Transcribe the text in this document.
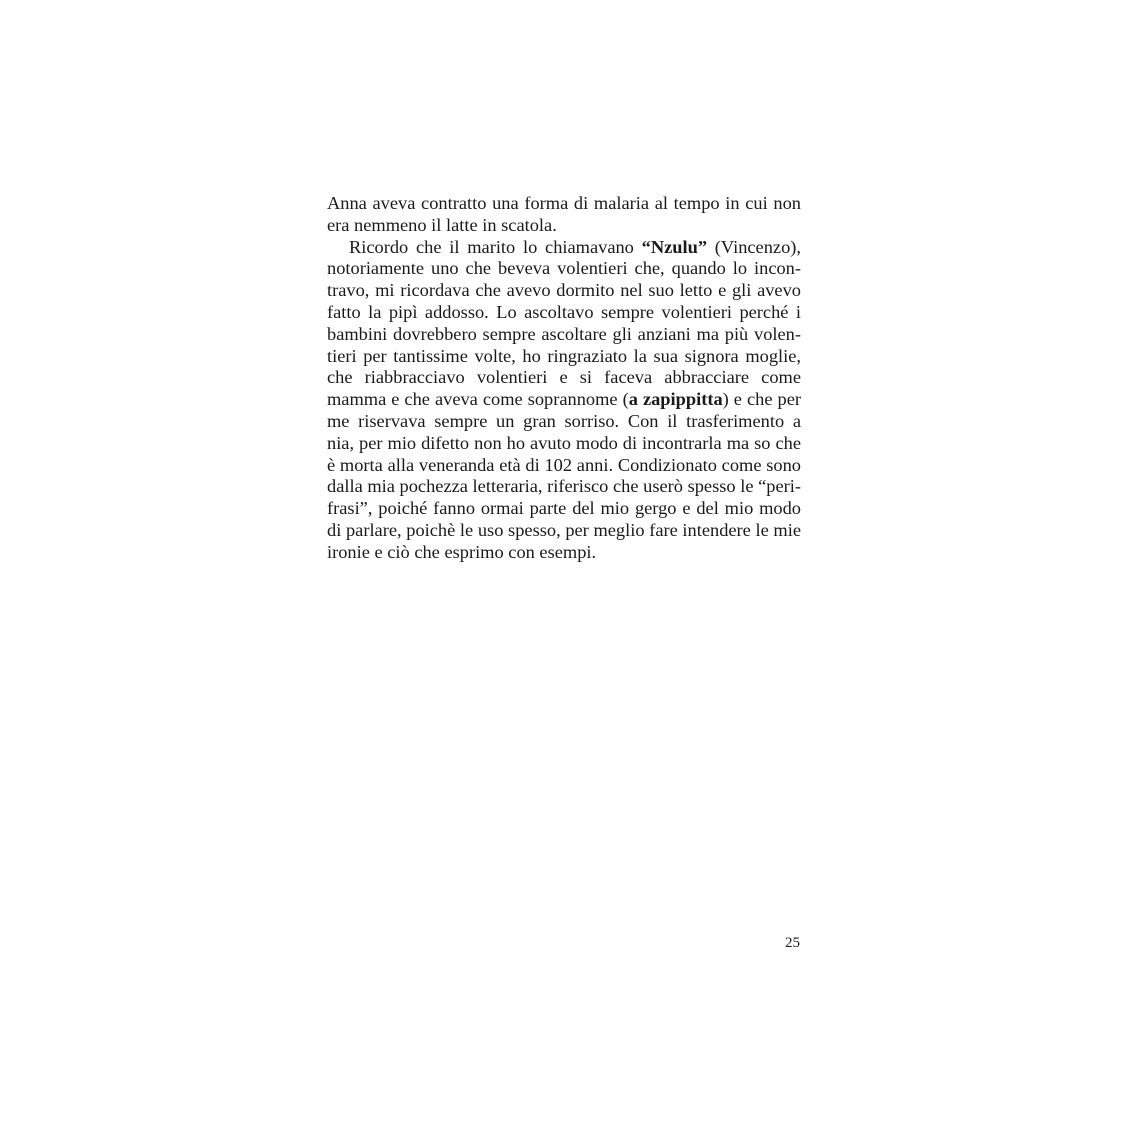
Anna aveva contratto una forma di malaria al tempo in cui non
era nemmeno il latte in scatola.
Ricordo che il marito lo chiamavano “Nzulu” (Vincenzo),
notoriamente uno che beveva volentieri che, quando lo incon-
travo, mi ricordava che avevo dormito nel suo letto e gli avevo
fatto la pipì addosso. Lo ascoltavo sempre volentieri perché i
bambini dovrebbero sempre ascoltare gli anziani ma più volen-
tieri per tantissime volte, ho ringraziato la sua signora moglie,
che riabbracciavo volentieri e si faceva abbracciare come
mamma e che aveva come soprannome (a zapippitta) e che per
me riservava sempre un gran sorriso. Con il trasferimento a
nia, per mio difetto non ho avuto modo di incontrarla ma so che
è morta alla veneranda età di 102 anni. Condizionato come sono
dalla mia pochezza letteraria, riferisco che userò spesso le “peri-
frasi”, poiché fanno ormai parte del mio gergo e del mio modo
di parlare, poichè le uso spesso, per meglio fare intendere le mie
ironie e ciò che esprimo con esempi.
25
